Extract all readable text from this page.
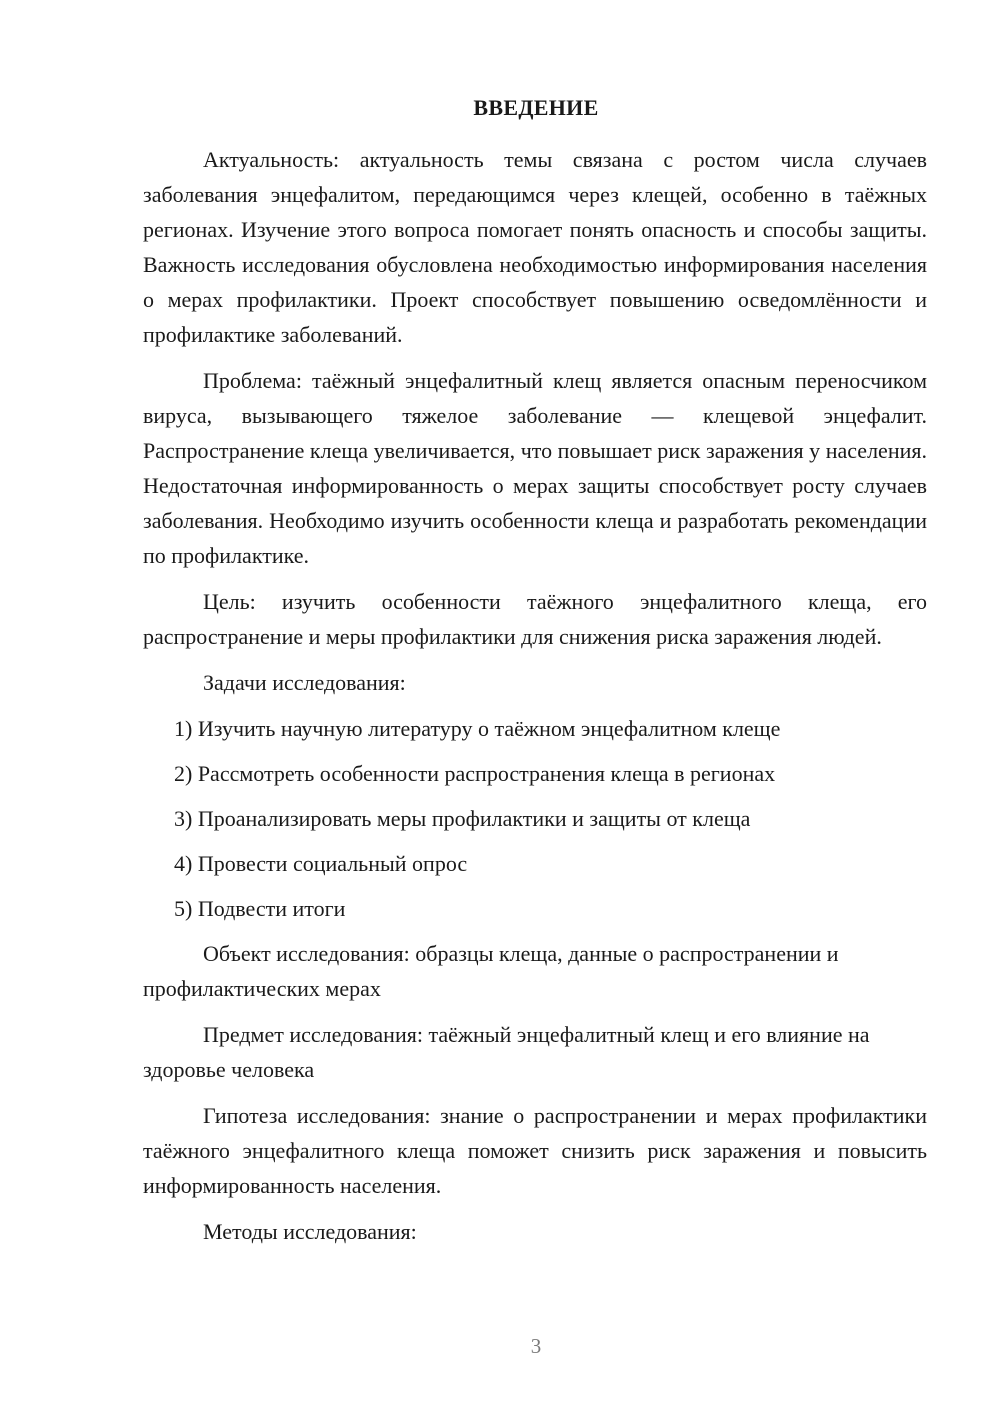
ВВЕДЕНИЕ

Актуальность: актуальность темы связана с ростом числа случаев заболевания энцефалитом, передающимся через клещей, особенно в таёжных регионах. Изучение этого вопроса помогает понять опасность и способы защиты. Важность исследования обусловлена необходимостью информирования населения о мерах профилактики. Проект способствует повышению осведомлённости и профилактике заболеваний.

Проблема: таёжный энцефалитный клещ является опасным переносчиком вируса, вызывающего тяжелое заболевание — клещевой энцефалит. Распространение клеща увеличивается, что повышает риск заражения у населения. Недостаточная информированность о мерах защиты способствует росту случаев заболевания. Необходимо изучить особенности клеща и разработать рекомендации по профилактике.

Цель: изучить особенности таёжного энцефалитного клеща, его распространение и меры профилактики для снижения риска заражения людей.

Задачи исследования:

1) Изучить научную литературу о таёжном энцефалитном клеще
2) Рассмотреть особенности распространения клеща в регионах
3) Проанализировать меры профилактики и защиты от клеща
4) Провести социальный опрос
5) Подвести итоги

Объект исследования: образцы клеща, данные о распространении и профилактических мерах

Предмет исследования: таёжный энцефалитный клещ и его влияние на здоровье человека

Гипотеза исследования: знание о распространении и мерах профилактики таёжного энцефалитного клеща поможет снизить риск заражения и повысить информированность населения.

Методы исследования:

3
